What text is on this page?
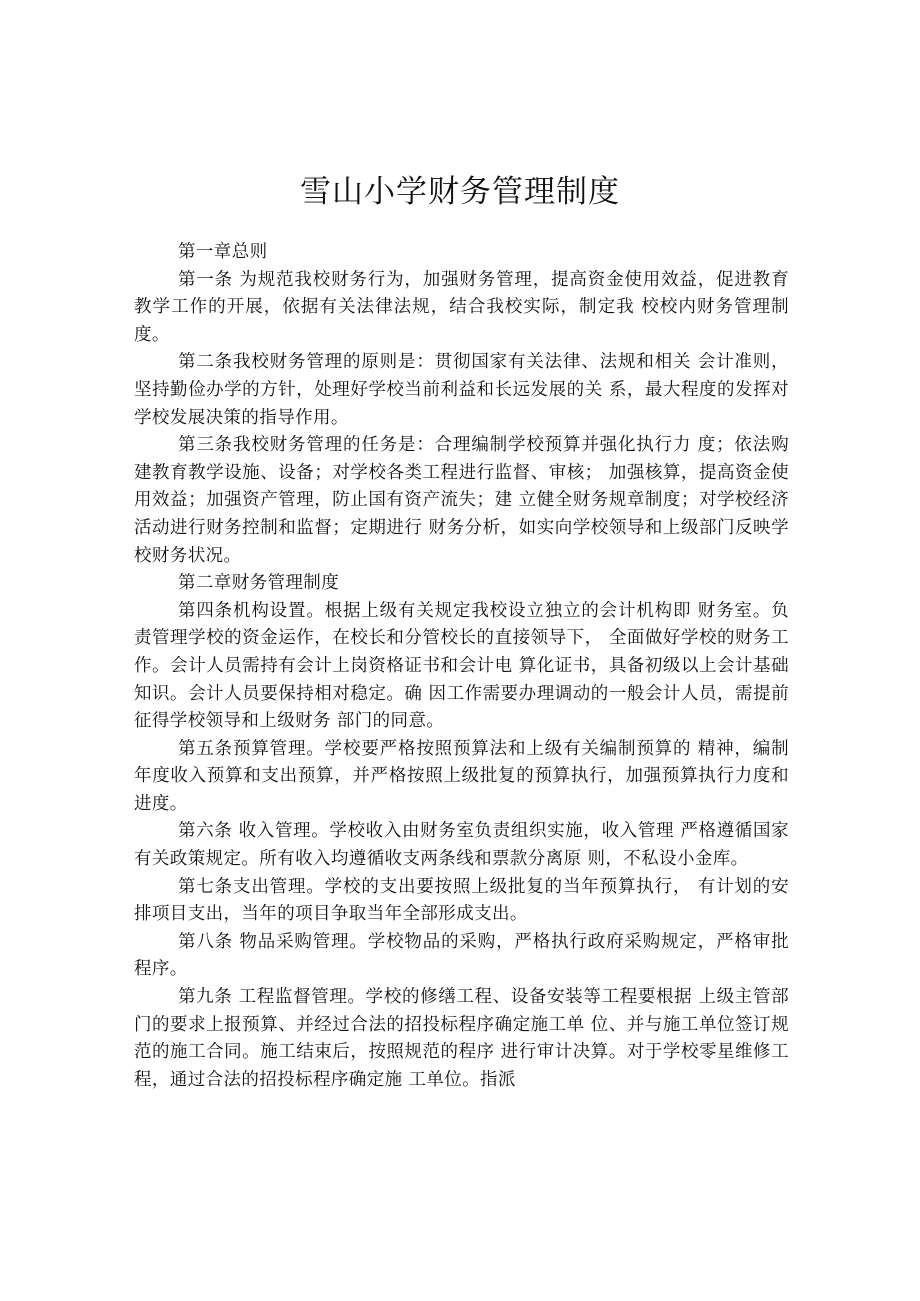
雪山小学财务管理制度

第一章总则

第一条 为规范我校财务行为，加强财务管理，提高资金使用效益，促进教育教学工作的开展，依据有关法律法规，结合我校实际，制定我 校校内财务管理制度。

第二条我校财务管理的原则是：贯彻国家有关法律、法规和相关 会计准则，坚持勤俭办学的方针，处理好学校当前利益和长远发展的关 系，最大程度的发挥对学校发展决策的指导作用。

第三条我校财务管理的任务是：合理编制学校预算并强化执行力 度；依法购建教育教学设施、设备；对学校各类工程进行监督、审核； 加强核算，提高资金使用效益；加强资产管理，防止国有资产流失；建 立健全财务规章制度；对学校经济活动进行财务控制和监督；定期进行 财务分析，如实向学校领导和上级部门反映学校财务状况。

第二章财务管理制度

第四条机构设置。根据上级有关规定我校设立独立的会计机构即 财务室。负责管理学校的资金运作，在校长和分管校长的直接领导下， 全面做好学校的财务工作。会计人员需持有会计上岗资格证书和会计电 算化证书，具备初级以上会计基础知识。会计人员要保持相对稳定。确 因工作需要办理调动的一般会计人员，需提前征得学校领导和上级财务 部门的同意。

第五条预算管理。学校要严格按照预算法和上级有关编制预算的 精神，编制年度收入预算和支出预算，并严格按照上级批复的预算执行，加强预算执行力度和进度。

第六条 收入管理。学校收入由财务室负责组织实施，收入管理 严格遵循国家有关政策规定。所有收入均遵循收支两条线和票款分离原 则，不私设小金库。

第七条支出管理。学校的支出要按照上级批复的当年预算执行， 有计划的安排项目支出，当年的项目争取当年全部形成支出。

第八条 物品采购管理。学校物品的采购，严格执行政府采购规定，严格审批程序。

第九条 工程监督管理。学校的修缮工程、设备安装等工程要根据 上级主管部门的要求上报预算、并经过合法的招投标程序确定施工单 位、并与施工单位签订规范的施工合同。施工结束后，按照规范的程序 进行审计决算。对于学校零星维修工程，通过合法的招投标程序确定施 工单位。指派
